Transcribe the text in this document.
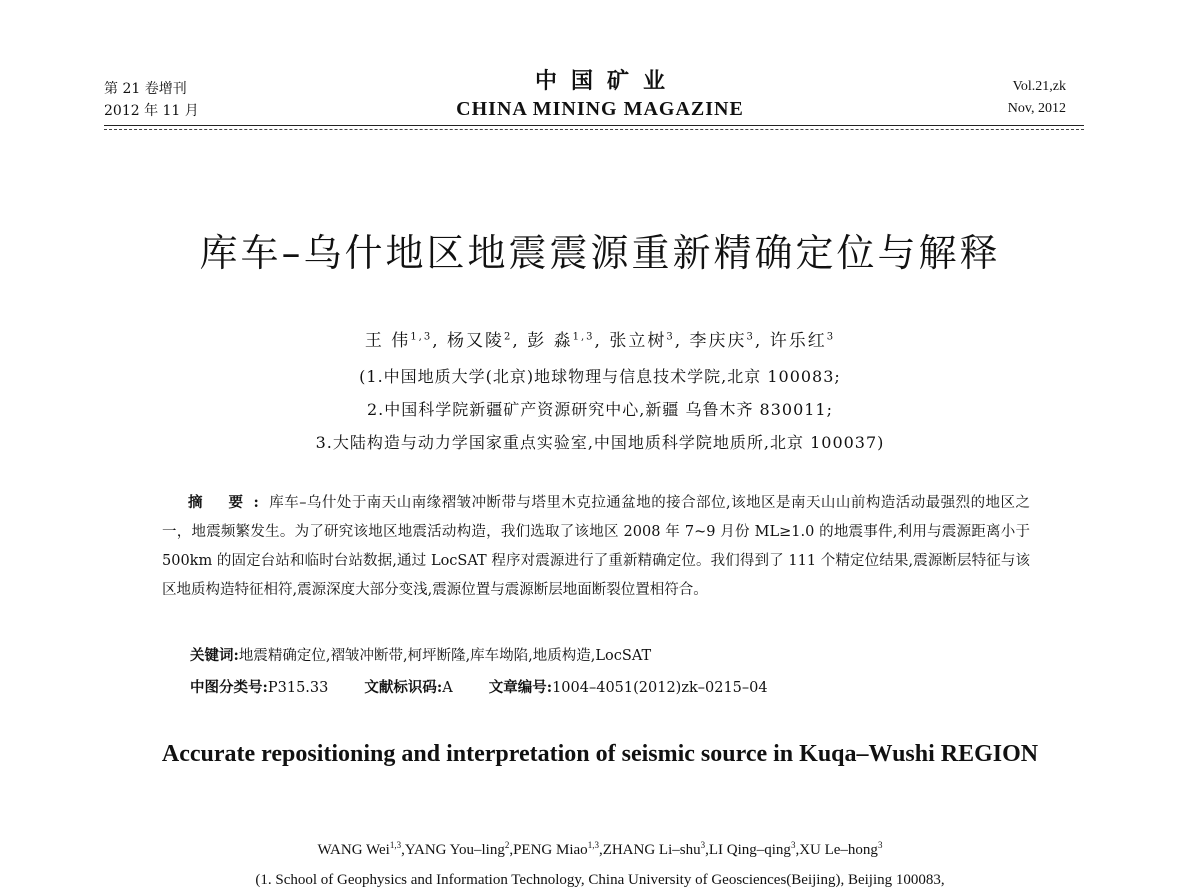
第 21 卷增刊
2012 年 11 月
中国矿业
CHINA MINING MAGAZINE
Vol.21,zk
Nov, 2012
库车–乌什地区地震震源重新精确定位与解释
王 伟$^{1,3}$, 杨又陵$^2$, 彭 淼$^{1,3}$, 张立树$^3$, 李庆庆$^3$, 许乐红$^3$
(1.中国地质大学(北京)地球物理与信息技术学院,北京 100083;
2.中国科学院新疆矿产资源研究中心,新疆 乌鲁木齐 830011;
3.大陆构造与动力学国家重点实验室,中国地质科学院地质所,北京 100037)
摘 要:库车–乌什处于南天山南缘褶皱冲断带与塔里木克拉通盆地的接合部位,该地区是南天山山前构造活动最强烈的地区之一，地震频繁发生。为了研究该地区地震活动构造，我们选取了该地区 2008 年 7~9 月份 ML≥1.0 的地震事件,利用与震源距离小于 500km 的固定台站和临时台站数据,通过 LocSAT 程序对震源进行了重新精确定位。我们得到了 111 个精定位结果,震源断层特征与该区地质构造特征相符,震源深度大部分变浅,震源位置与震源断层地面断裂位置相符合。
关键词:地震精确定位,褶皱冲断带,柯坪断隆,库车坳陷,地质构造,LocSAT
中图分类号:P315.33 文献标识码:A 文章编号:1004–4051(2012)zk–0215–04
Accurate repositioning and interpretation of seismic source in Kuqa–Wushi REGION
WANG Wei$^{1,3}$,YANG You–ling$^2$,PENG Miao$^{1,3}$,ZHANG Li–shu$^3$,LI Qing–qing$^3$,XU Le–hong$^3$
(1. School of Geophysics and Information Technology, China University of Geosciences(Beijing), Beijing 100083,
